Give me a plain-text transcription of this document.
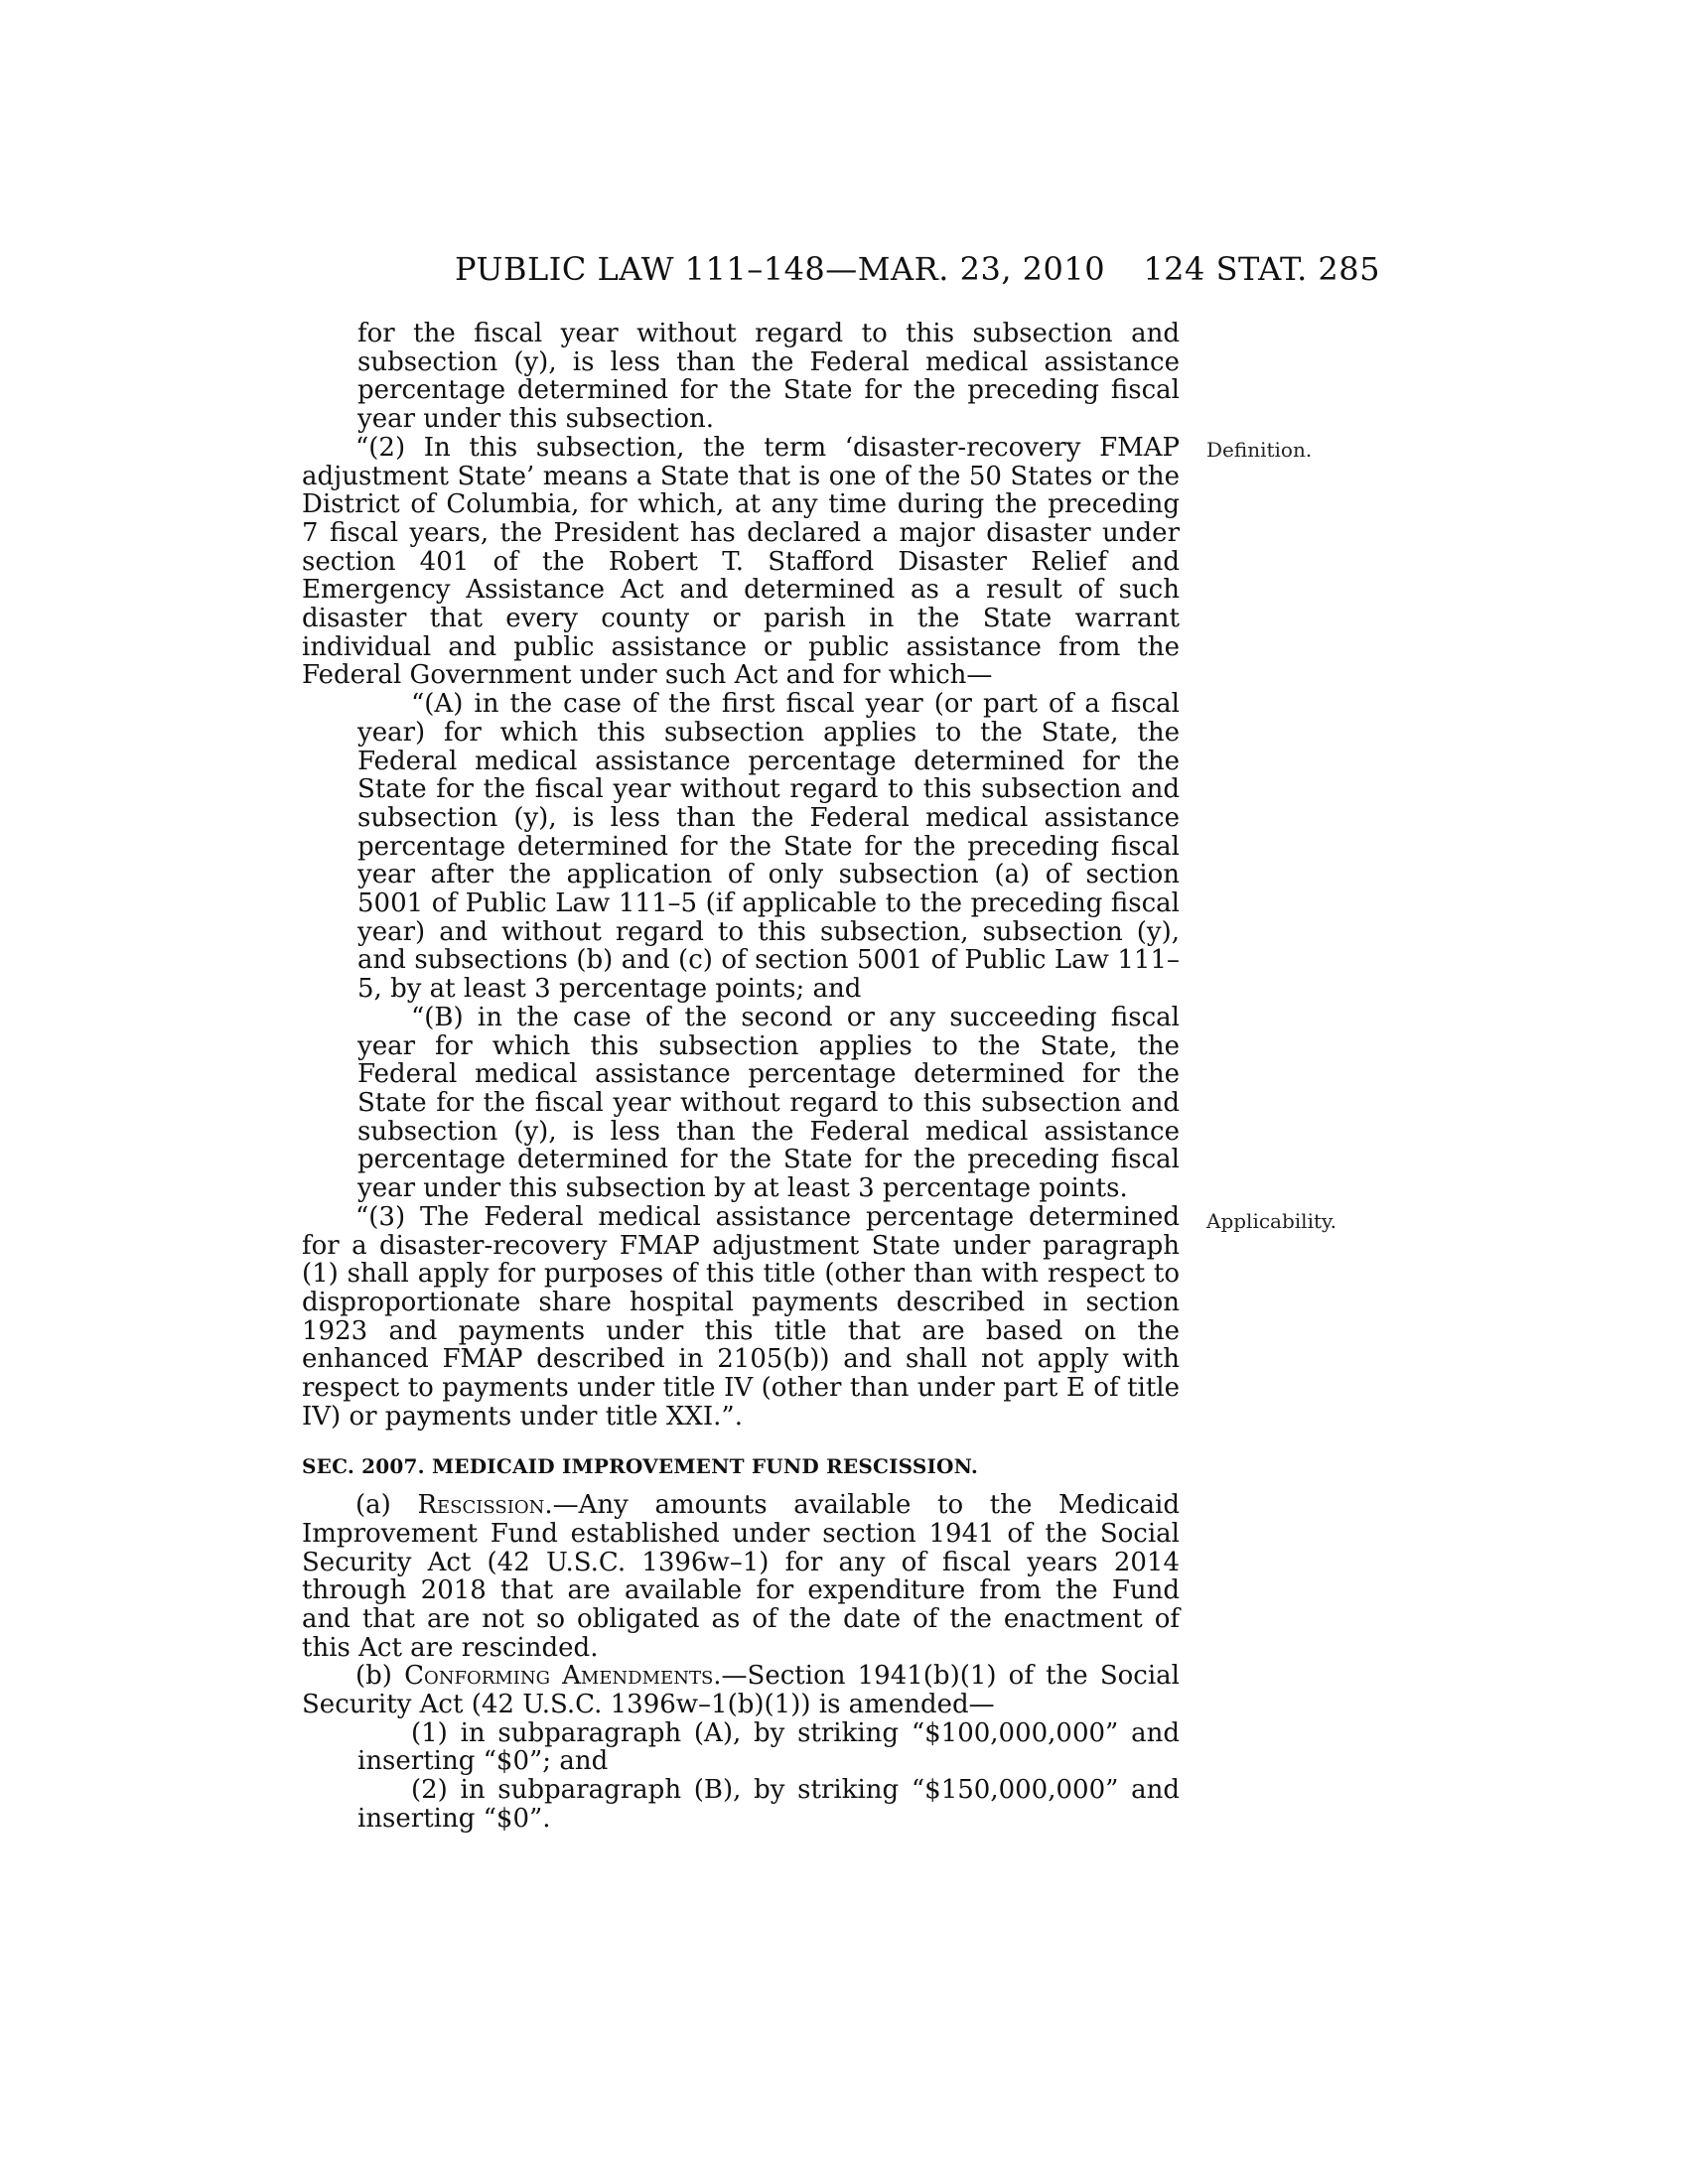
PUBLIC LAW 111–148—MAR. 23, 2010 124 STAT. 285
Definition.
Applicability.

for the fiscal year without regard to this subsection and subsection (y), is less than the Federal medical assistance percentage determined for the State for the preceding fiscal year under this subsection.

“(2) In this subsection, the term ‘disaster-recovery FMAP adjustment State’ means a State that is one of the 50 States or the District of Columbia, for which, at any time during the preceding 7 fiscal years, the President has declared a major disaster under section 401 of the Robert T. Stafford Disaster Relief and Emergency Assistance Act and determined as a result of such disaster that every county or parish in the State warrant individual and public assistance or public assistance from the Federal Government under such Act and for which—

“(A) in the case of the first fiscal year (or part of a fiscal year) for which this subsection applies to the State, the Federal medical assistance percentage determined for the State for the fiscal year without regard to this subsection and subsection (y), is less than the Federal medical assistance percentage determined for the State for the preceding fiscal year after the application of only subsection (a) of section 5001 of Public Law 111–5 (if applicable to the preceding fiscal year) and without regard to this subsection, subsection (y), and subsections (b) and (c) of section 5001 of Public Law 111–5, by at least 3 percentage points; and

“(B) in the case of the second or any succeeding fiscal year for which this subsection applies to the State, the Federal medical assistance percentage determined for the State for the fiscal year without regard to this subsection and subsection (y), is less than the Federal medical assistance percentage determined for the State for the preceding fiscal year under this subsection by at least 3 percentage points.

“(3) The Federal medical assistance percentage determined for a disaster-recovery FMAP adjustment State under paragraph (1) shall apply for purposes of this title (other than with respect to disproportionate share hospital payments described in section 1923 and payments under this title that are based on the enhanced FMAP described in 2105(b)) and shall not apply with respect to payments under title IV (other than under part E of title IV) or payments under title XXI.”.

SEC. 2007. MEDICAID IMPROVEMENT FUND RESCISSION.

(a) Rescission.—Any amounts available to the Medicaid Improvement Fund established under section 1941 of the Social Security Act (42 U.S.C. 1396w–1) for any of fiscal years 2014 through 2018 that are available for expenditure from the Fund and that are not so obligated as of the date of the enactment of this Act are rescinded.

(b) Conforming Amendments.—Section 1941(b)(1) of the Social Security Act (42 U.S.C. 1396w–1(b)(1)) is amended—

(1) in subparagraph (A), by striking “$100,000,000” and inserting “$0”; and

(2) in subparagraph (B), by striking “$150,000,000” and inserting “$0”.
